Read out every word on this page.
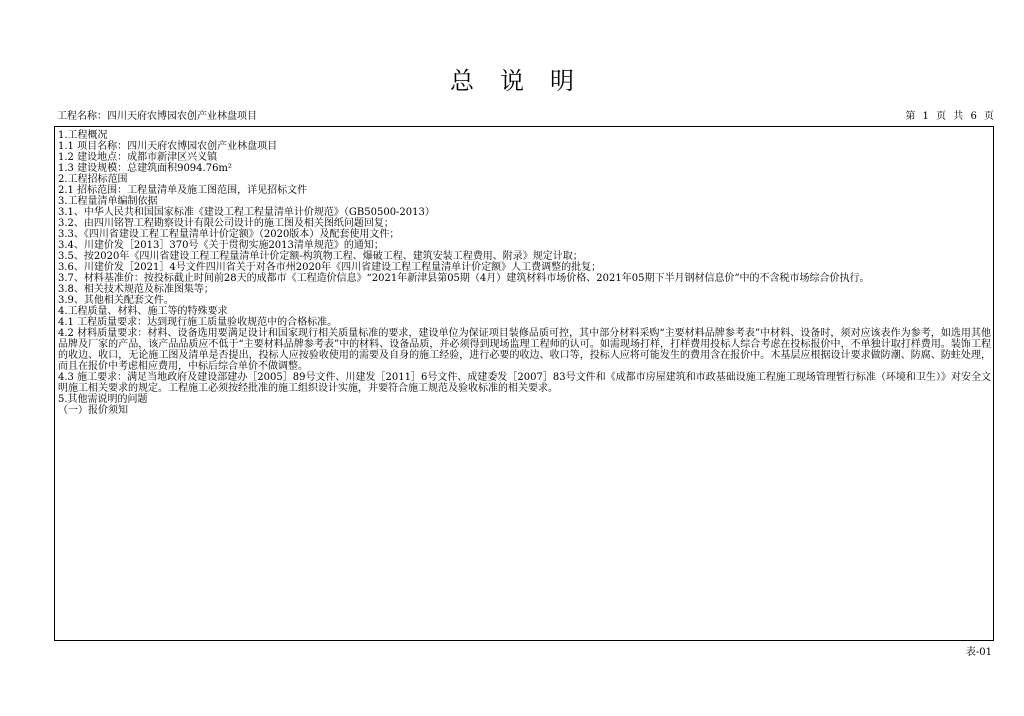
总说明
工程名称：四川天府农博园农创产业林盘项目	第 1 页 共 6 页
1.工程概况
1.1 项目名称：四川天府农博园农创产业林盘项目
1.2 建设地点：成都市新津区兴义镇
1.3 建设规模：总建筑面积9094.76m²
2.工程招标范围
2.1 招标范围：工程量清单及施工图范围，详见招标文件
3.工程量清单编制依据
3.1、中华人民共和国国家标准《建设工程工程量清单计价规范》（GB50500-2013）
3.2、由四川铭智工程勘察设计有限公司设计的施工图及相关图纸问题回复；
3.3、《四川省建设工程工程量清单计价定额》（2020版本）及配套使用文件；
3.4、川建价发［2013］370号《关于贯彻实施2013清单规范》的通知；
3.5、按2020年《四川省建设工程工程量清单计价定额-构筑物工程、爆破工程、建筑安装工程费用、附录》规定计取；
3.6、川建价发［2021］4号文件四川省关于对各市州2020年《四川省建设工程工程量清单计价定额》人工费调整的批复；
3.7、材料基准价：按投标截止时间前28天的成都市《工程造价信息》“2021年新津县第05期（4月）建筑材料市场价格、2021年05期下半月钢材信息价”中的不含税市场综合价执行。
3.8、相关技术规范及标准图集等；
3.9、其他相关配套文件。
4.工程质量、材料、施工等的特殊要求
4.1 工程质量要求：达到现行施工质量验收规范中的合格标准。
4.2 材料质量要求：材料、设备选用要满足设计和国家现行相关质量标准的要求，建设单位为保证项目装修品质可控，其中部分材料采购“主要材料品牌参考表”中材料、设备时，须对应该表作为参考，如选用其他品牌及厂家的产品，该产品品质应不低于“主要材料品牌参考表”中的材料、设备品质，并必须得到现场监理工程师的认可。如需现场打样，打样费用投标人综合考虑在投标报价中，不单独计取打样费用。装饰工程的收边、收口，无论施工图及清单是否提出，投标人应按验收使用的需要及自身的施工经验，进行必要的收边、收口等，投标人应将可能发生的费用含在报价中。木基层应根据设计要求做防潮、防腐、防蛀处理，而且在报价中考虑相应费用，中标后综合单价不做调整。
4.3 施工要求：满足当地政府及建设部建办［2005］89号文件、川建发［2011］6号文件、成建委发［2007］83号文件和《成都市房屋建筑和市政基础设施工程施工现场管理暂行标准（环境和卫生）》对安全文明施工相关要求的规定。工程施工必须按经批准的施工组织设计实施，并要符合施工规范及验收标准的相关要求。
5.其他需说明的问题
（一）报价须知
表-01
